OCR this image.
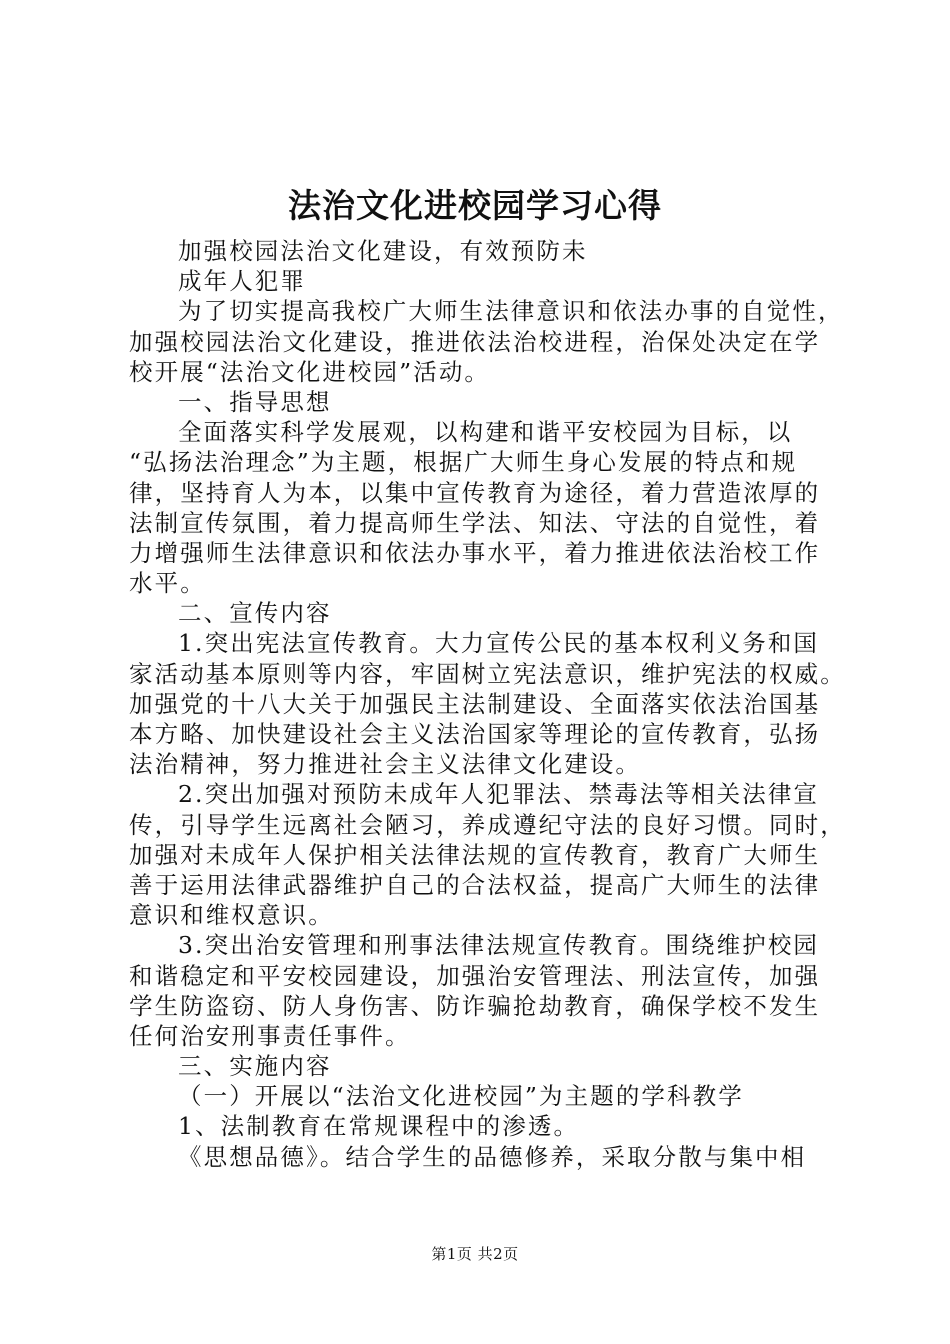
法治文化进校园学习心得
加强校园法治文化建设，有效预防未
成年人犯罪
为了切实提高我校广大师生法律意识和依法办事的自觉性，
加强校园法治文化建设，推进依法治校进程，治保处决定在学
校开展“法治文化进校园”活动。
一、指导思想
全面落实科学发展观，以构建和谐平安校园为目标，以
“弘扬法治理念”为主题，根据广大师生身心发展的特点和规
律，坚持育人为本，以集中宣传教育为途径，着力营造浓厚的
法制宣传氛围，着力提高师生学法、知法、守法的自觉性，着
力增强师生法律意识和依法办事水平，着力推进依法治校工作
水平。
二、宣传内容
1.突出宪法宣传教育。大力宣传公民的基本权利义务和国
家活动基本原则等内容，牢固树立宪法意识，维护宪法的权威。
加强党的十八大关于加强民主法制建设、全面落实依法治国基
本方略、加快建设社会主义法治国家等理论的宣传教育，弘扬
法治精神，努力推进社会主义法律文化建设。
2.突出加强对预防未成年人犯罪法、禁毒法等相关法律宣
传，引导学生远离社会陋习，养成遵纪守法的良好习惯。同时，
加强对未成年人保护相关法律法规的宣传教育，教育广大师生
善于运用法律武器维护自己的合法权益，提高广大师生的法律
意识和维权意识。
3.突出治安管理和刑事法律法规宣传教育。围绕维护校园
和谐稳定和平安校园建设，加强治安管理法、刑法宣传，加强
学生防盗窃、防人身伤害、防诈骗抢劫教育，确保学校不发生
任何治安刑事责任事件。
三、实施内容
（一）开展以“法治文化进校园”为主题的学科教学
1、法制教育在常规课程中的渗透。
《思想品德》。结合学生的品德修养，采取分散与集中相
第1页 共2页
